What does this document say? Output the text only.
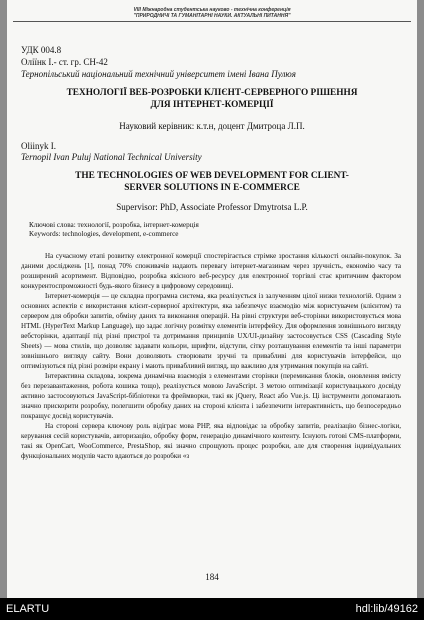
VIII Міжнародна студентська науково - технічна конференція
"ПРИРОДНИЧІ ТА ГУМАНІТАРНІ НАУКИ. АКТУАЛЬНІ ПИТАННЯ"
УДК 004.8
Оліїнк І.- ст. гр. СН-42
Тернопільський національний технічний університет імені Івана Пулюя
ТЕХНОЛОГІЇ ВЕБ-РОЗРОБКИ КЛІЄНТ-СЕРВЕРНОГО РІШЕННЯ
ДЛЯ ІНТЕРНЕТ-КОМЕРЦІЇ
Науковий керівник: к.т.н, доцент Дмитроца Л.П.
Oliinyk I.
Ternopil Ivan Puluj National Technical University
THE TECHNOLOGIES OF WEB DEVELOPMENT FOR CLIENT-
SERVER SOLUTIONS IN E-COMMERCE
Supervisor: PhD, Associate Professor Dmytrotsa L.P.
Ключові слова: технології, розробка, інтернет-комерція
Keywords: technologies, development, e-commerce

На сучасному етапі розвитку електронної комерції спостерігається стрімке зростання кількості онлайн-покупок. За даними досліджень [1], понад 70% споживачів надають перевагу інтернет-магазинам через зручність, економію часу та розширений асортимент. Відповідно, розробка якісного веб-ресурсу для електронної торгівлі стає критичним фактором конкурентоспроможності будь-якого бізнесу в цифровому середовищі.

Інтернет-комерція — це складна програмна система, яка реалізується із залученням цілої низки технологій. Одним з основних аспектів є використання клієнт-серверної архітектури, яка забезпечує взаємодію між користувачем (клієнтом) та сервером для обробки запитів, обміну даних та виконання операцій. На рівні структури веб-сторінки використовується мова HTML (HyperText Markup Language), що задає логічну розмітку елементів інтерфейсу. Для оформлення зовнішнього вигляду вебсторінки, адаптації під різні пристрої та дотримання принципів UX/UI-дизайну застосовується CSS (Cascading Style Sheets) — мова стилів, що дозволяє задавати кольори, шрифти, відступи, сітку розташування елементів та інші параметри зовнішнього вигляду сайту. Вони дозволяють створювати зручні та привабливі для користувачів інтерфейси, що оптимізуються під різні розміри екрану і мають привабливий вигляд, що важливо для утримання покупців на сайті.

Інтерактивна складова, зокрема динамічна взаємодія з елементами сторінки (перемикання блоків, оновлення вмісту без перезавантаження, робота кошика тощо), реалізується мовою JavaScript. З метою оптимізації користувацького досвіду активно застосовуються JavaScript-бібліотеки та фреймворки, такі як jQuery, React або Vue.js. Ці інструменти допомагають значно прискорити розробку, полегшити обробку даних на стороні клієнта і забезпечити інтерактивність, що безпосередньо покращує досвід користувачів.

На стороні сервера ключову роль відіграє мова PHP, яка відповідає за обробку запитів, реалізацію бізнес-логіки, керування сесій користувачів, авторизацію, обробку форм, генерацію динамічного контенту. Існують готові CMS-платформи, такі як OpenCart, WooCommerce, PrestaShop, які значно спрощують процес розробки, але для створення індивідуальних функціональних модулів часто вдаються до розробки «з

184
ELARTU	hdl:lib/49162
